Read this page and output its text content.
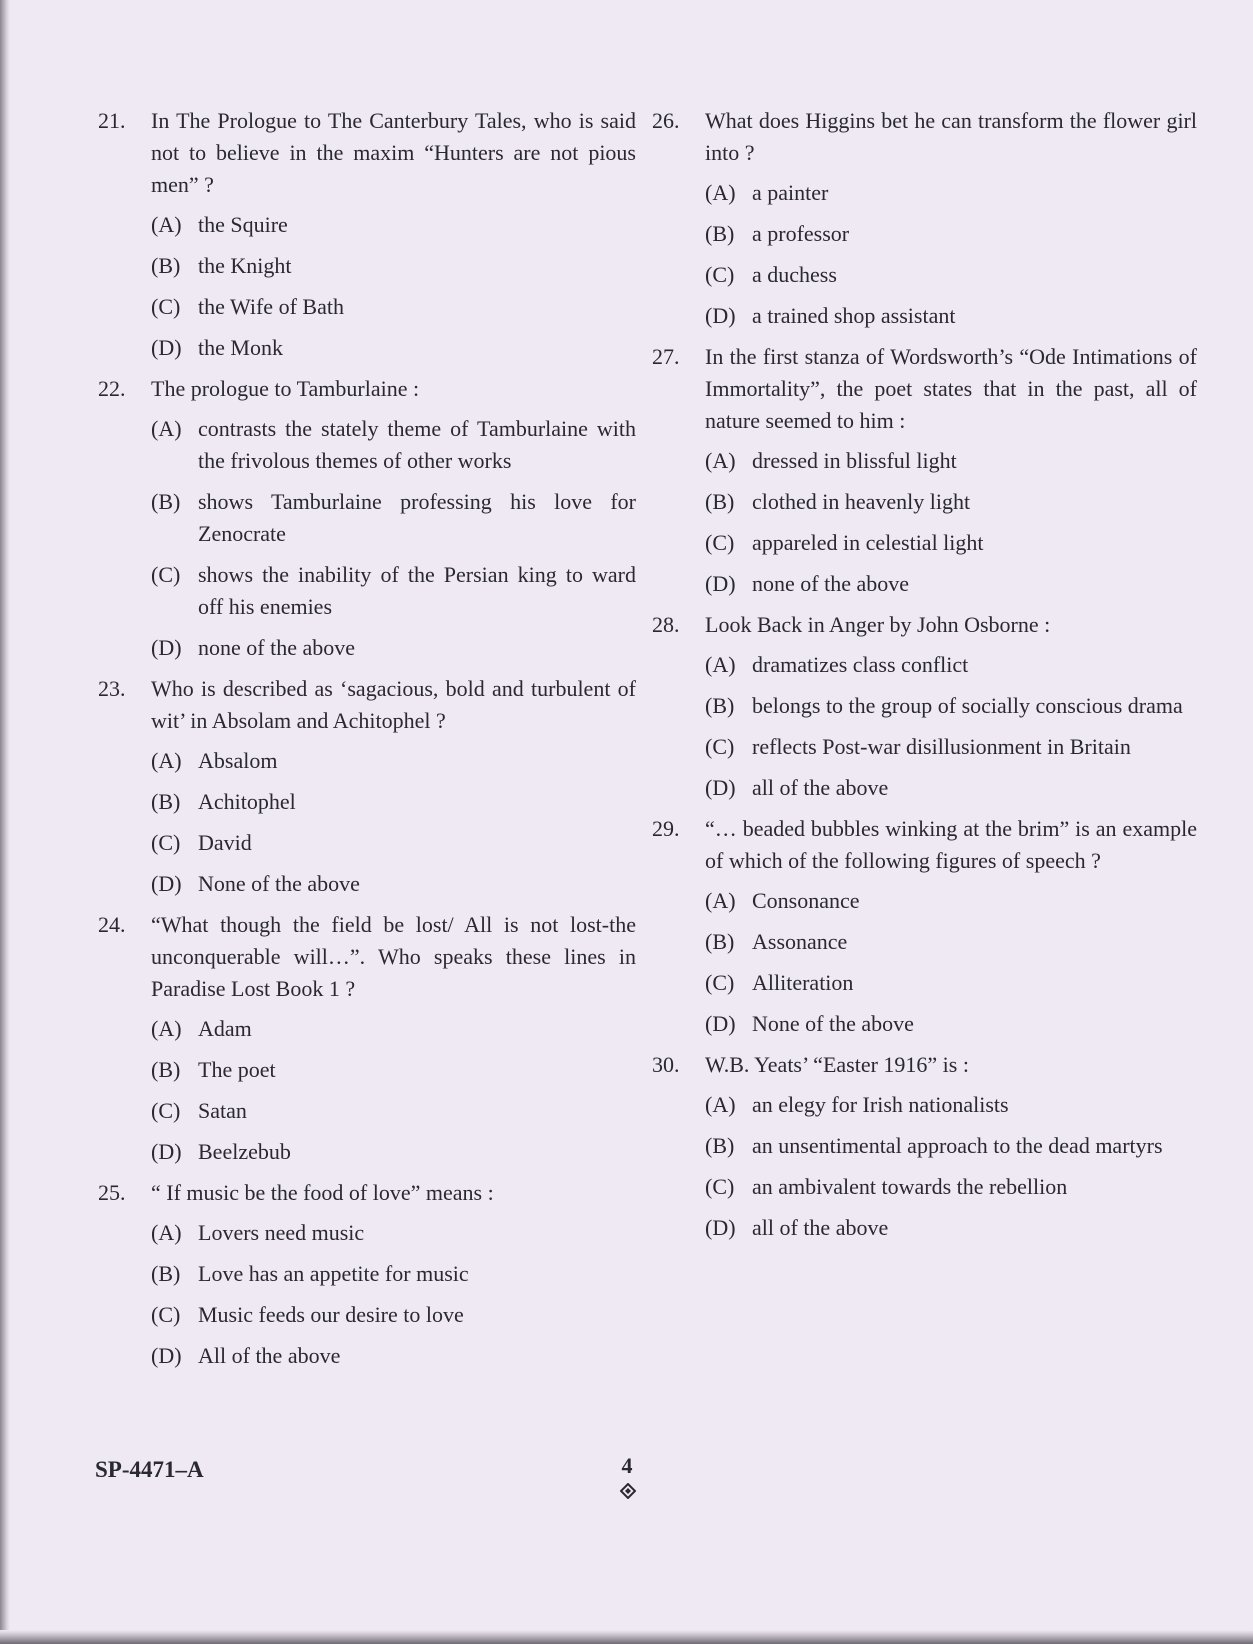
21. In The Prologue to The Canterbury Tales, who is said not to believe in the maxim “Hunters are not pious men” ?
(A) the Squire
(B) the Knight
(C) the Wife of Bath
(D) the Monk
22. The prologue to Tamburlaine :
(A) contrasts the stately theme of Tamburlaine with the frivolous themes of other works
(B) shows Tamburlaine professing his love for Zenocrate
(C) shows the inability of the Persian king to ward off his enemies
(D) none of the above
23. Who is described as ‘sagacious, bold and turbulent of wit’ in Absolam and Achitophel ?
(A) Absalom
(B) Achitophel
(C) David
(D) None of the above
24. “What though the field be lost/ All is not lost-the unconquerable will…”. Who speaks these lines in Paradise Lost Book 1 ?
(A) Adam
(B) The poet
(C) Satan
(D) Beelzebub
25. “ If music be the food of love” means :
(A) Lovers need music
(B) Love has an appetite for music
(C) Music feeds our desire to love
(D) All of the above
26. What does Higgins bet he can transform the flower girl into ?
(A) a painter
(B) a professor
(C) a duchess
(D) a trained shop assistant
27. In the first stanza of Wordsworth’s “Ode Intimations of Immortality”, the poet states that in the past, all of nature seemed to him :
(A) dressed in blissful light
(B) clothed in heavenly light
(C) appareled in celestial light
(D) none of the above
28. Look Back in Anger by John Osborne :
(A) dramatizes class conflict
(B) belongs to the group of socially conscious drama
(C) reflects Post-war disillusionment in Britain
(D) all of the above
29. “… beaded bubbles winking at the brim” is an example of which of the following figures of speech ?
(A) Consonance
(B) Assonance
(C) Alliteration
(D) None of the above
30. W.B. Yeats’ “Easter 1916” is :
(A) an elegy for Irish nationalists
(B) an unsentimental approach to the dead martyrs
(C) an ambivalent towards the rebellion
(D) all of the above
SP-4471–A	4
